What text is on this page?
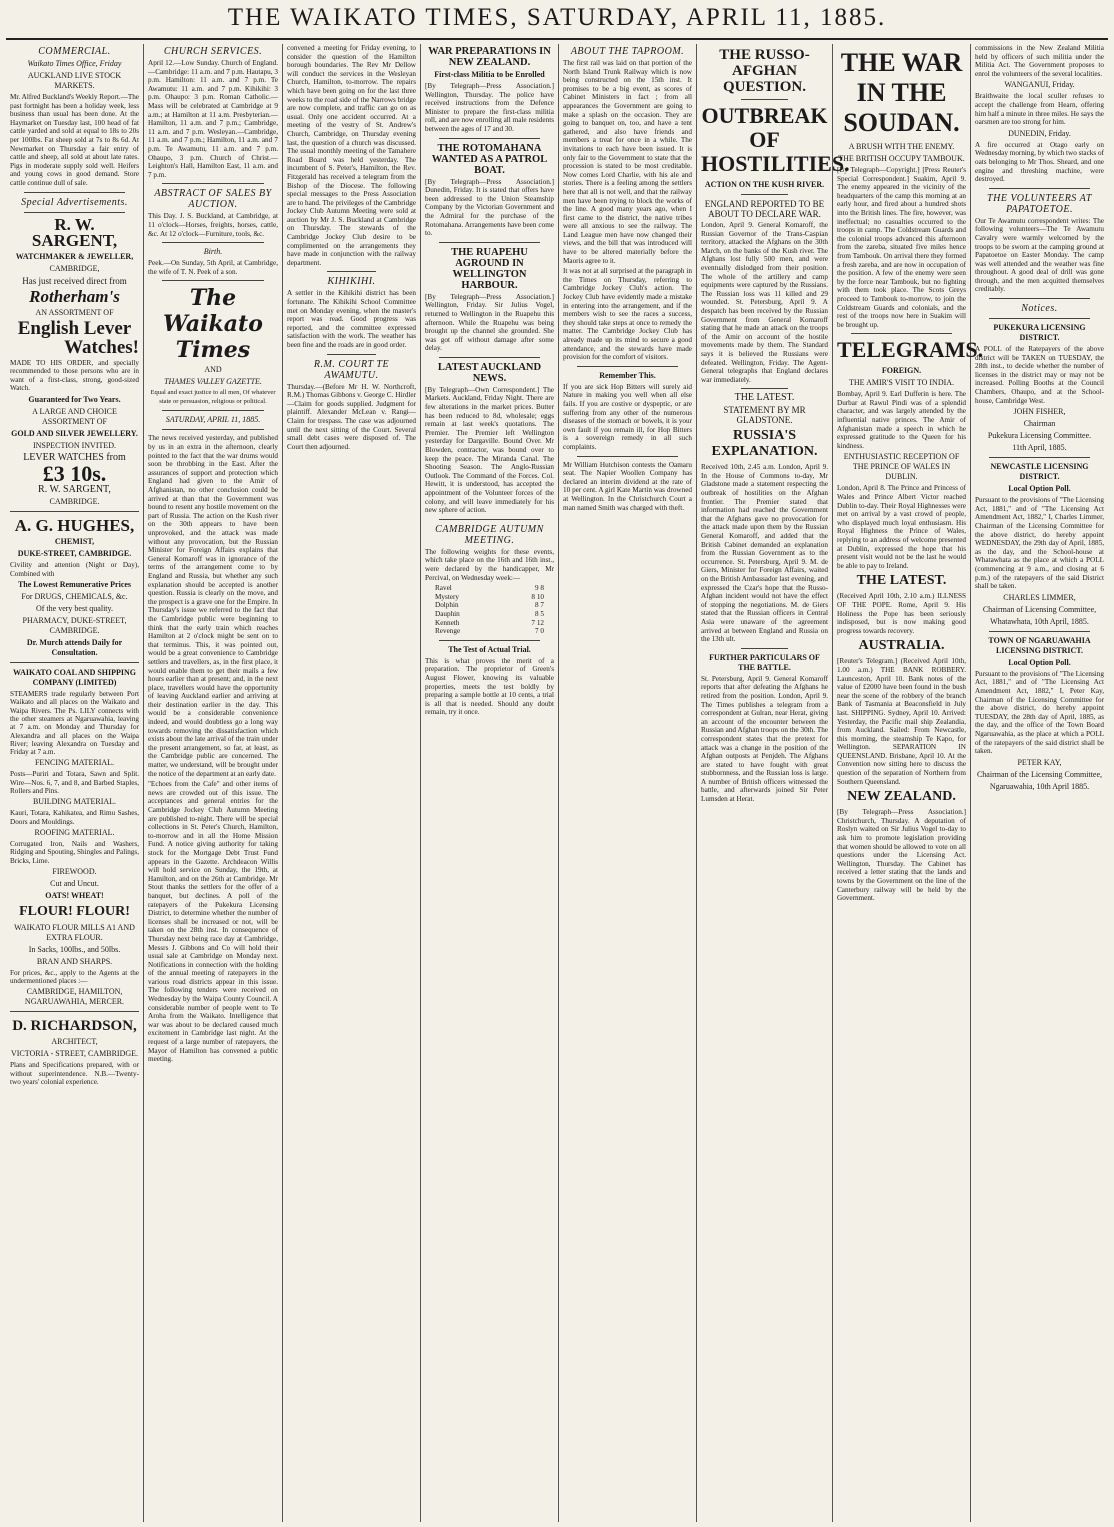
THE WAIKATO TIMES, SATURDAY, APRIL 11, 1885.
COMMERCIAL.
Waikato Times Office, Friday
AUCKLAND LIVE STOCK MARKETS.
Mr. Alfred Buckland's Weekly Report.—The past fortnight has been a holiday week, less business than usual has been done. At the Haymarket on Tuesday last, 100 head of fat cattle yarded and sold at equal to 18s to 20s per 100lbs. Fat sheep sold at 7s to 8s 6d. At Newmarket on Thursday a fair entry of cattle and sheep, all sold at about late rates. Pigs in moderate supply sold well. Heifers and young cows in good demand. Store cattle continue dull of sale.
Special Advertisements.
R. W. SARGENT,
WATCHMAKER & JEWELLER,
CAMBRIDGE,
Has just received direct from
Rotherham's
AN ASSORTMENT OF
English Lever
Watches!
MADE TO HIS ORDER, and specially recommended to those persons who are in want of a first-class, strong, good-sized Watch.
Guaranteed for Two Years.
A LARGE AND CHOICE ASSORTMENT OF
GOLD AND SILVER JEWELLERY.
INSPECTION INVITED.
LEVER WATCHES from
£3 10s.
R. W. SARGENT,
CAMBRIDGE.
A. G. HUGHES,
CHEMIST,
DUKE-STREET, CAMBRIDGE.
Civility and attention (Night or Day), Combined with
The Lowest Remunerative Prices
For DRUGS, CHEMICALS, &c.
Of the very best quality.
PHARMACY, DUKE-STREET, CAMBRIDGE.
Dr. Murch attends Daily for Consultation.
WAIKATO COAL AND SHIPPING COMPANY (LIMITED)
STEAMERS trade regularly between Port Waikato and all places on the Waikato and Waipa Rivers. The Ps. LILY connects with the other steamers at Ngaruawahia, leaving at 7 a.m. on Monday and Thursday for Alexandra and all places on the Waipa River; leaving Alexandra on Tuesday and Friday at 7 a.m.
FENCING MATERIAL.
Posts—Puriri and Totara, Sawn and Split. Wire—Nos. 6, 7, and 8, and Barbed Staples, Rollers and Pins.
BUILDING MATERIAL.
Kauri, Totara, Kahikatea, and Rimu Sashes, Doors and Mouldings.
ROOFING MATERIAL.
Corrugated Iron, Nails and Washers, Ridging and Spouting, Shingles and Palings, Bricks, Lime.
FIREWOOD.
Cut and Uncut.
OATS! WHEAT!
FLOUR! FLOUR!
WAIKATO FLOUR MILLS A1 AND EXTRA FLOUR.
In Sacks, 100lbs., and 50lbs.
BRAN AND SHARPS.
For prices, &c., apply to the Agents at the undermentioned places :—
CAMBRIDGE, HAMILTON, NGARUAWAHIA, MERCER.
D. RICHARDSON,
ARCHITECT,
VICTORIA - STREET, CAMBRIDGE.
Plans and Specifications prepared, with or without superintendence. N.B.—Twenty-two years' colonial experience.
CHURCH SERVICES.
April 12.—Low Sunday. Church of England.—Cambridge: 11 a.m. and 7 p.m. Hautapu, 3 p.m. Hamilton: 11 a.m. and 7 p.m. Te Awamutu: 11 a.m. and 7 p.m. Kihikihi: 3 p.m. Ohaupo: 3 p.m. Roman Catholic.—Mass will be celebrated at Cambridge at 9 a.m.; at Hamilton at 11 a.m. Presbyterian.—Hamilton, 11 a.m. and 7 p.m.; Cambridge, 11 a.m. and 7 p.m. Wesleyan.—Cambridge, 11 a.m. and 7 p.m.; Hamilton, 11 a.m. and 7 p.m. Te Awamutu, 11 a.m. and 7 p.m. Ohaupo, 3 p.m. Church of Christ.—Leighton's Hall, Hamilton East, 11 a.m. and 7 p.m.
ABSTRACT OF SALES BY AUCTION.
This Day. J. S. Buckland, at Cambridge, at 11 o'clock—Horses, freights, horses, cattle, &c. At 12 o'clock—Furniture, tools, &c.
Birth.
Peek.—On Sunday, 5th April, at Cambridge, the wife of T. N. Peek of a son.
The Waikato Times
AND
THAMES VALLEY GAZETTE.
Equal and exact justice to all men, Of whatever state or persuasion, religious or political.
SATURDAY, APRIL 11, 1885.
The news received yesterday, and published by us in an extra in the afternoon, clearly pointed to the fact that the war drums would soon be throbbing in the East. After the assurances of support and protection which England had given to the Amir of Afghanistan, no other conclusion could be arrived at than that the Government was bound to resent any hostile movement on the part of Russia. The action on the Kush river on the 30th appears to have been unprovoked, and the attack was made without any provocation, but the Russian Minister for Foreign Affairs explains that General Komaroff was in ignorance of the terms of the arrangement come to by England and Russia, but whether any such explanation should be accepted is another question. Russia is clearly on the move, and the prospect is a grave one for the Empire. In Thursday's issue we referred to the fact that the Cambridge public were beginning to think that the early train which reaches Hamilton at 2 o'clock might be sent on to that terminus. This, it was pointed out, would be a great convenience to Cambridge settlers and travellers, as, in the first place, it would enable them to get their mails a few hours earlier than at present; and, in the next place, travellers would have the opportunity of leaving Auckland earlier and arriving at their destination earlier in the day. This would be a considerable convenience indeed, and would doubtless go a long way towards removing the dissatisfaction which exists about the late arrival of the train under the present arrangement, so far, at least, as the Cambridge public are concerned. The matter, we understand, will be brought under the notice of the department at an early date.
"Echoes from the Cafe" and other items of news are crowded out of this issue. The acceptances and general entries for the Cambridge Jockey Club Autumn Meeting are published to-night. There will be special collections in St. Peter's Church, Hamilton, to-morrow and in all the Home Mission Fund. A notice giving authority for taking stock for the Mortgage Debt Trust Fund appears in the Gazette. Archdeacon Willis will hold service on Sunday, the 19th, at Hamilton, and on the 26th at Cambridge. Mr Stout thanks the settlers for the offer of a banquet, but declines. A poll of the ratepayers of the Pukekura Licensing District, to determine whether the number of licenses shall be increased or not, will be taken on the 28th inst. In consequence of Thursday next being race day at Cambridge, Messrs J. Gibbons and Co will hold their usual sale at Cambridge on Monday next. Notifications in connection with the holding of the annual meeting of ratepayers in the various road districts appear in this issue. The following tenders were received on Wednesday by the Waipa County Council. A considerable number of people went to Te Aroha from the Waikato. Intelligence that war was about to be declared caused much excitement in Cambridge last night. At the request of a large number of ratepayers, the Mayor of Hamilton has convened a public meeting.
convened a meeting for Friday evening, to consider the question of the Hamilton borough boundaries. The Rev Mr Dellow will conduct the services in the Wesleyan Church, Hamilton, to-morrow. The repairs which have been going on for the last three weeks to the road side of the Narrows bridge are now complete, and traffic can go on as usual. Only one accident occurred. At a meeting of the vestry of St. Andrew's Church, Cambridge, on Thursday evening last, the question of a church was discussed. The usual monthly meeting of the Tamahere Road Board was held yesterday. The incumbent of S. Peter's, Hamilton, the Rev. Fitzgerald has received a telegram from the Bishop of the Diocese. The following special messages to the Press Association are to hand. The privileges of the Cambridge Jockey Club Autumn Meeting were sold at auction by Mr J. S. Buckland at Cambridge on Thursday. The stewards of the Cambridge Jockey Club desire to be complimented on the arrangements they have made in conjunction with the railway department.
KIHIKIHI.
A settler in the Kihikihi district has been fortunate. The Kihikihi School Committee met on Monday evening, when the master's report was read. Good progress was reported, and the committee expressed satisfaction with the work. The weather has been fine and the roads are in good order.
R.M. COURT TE AWAMUTU.
Thursday.—(Before Mr H. W. Northcroft, R.M.) Thomas Gibbons v. George C. Hirdler—Claim for goods supplied. Judgment for plaintiff. Alexander McLean v. Rangi—Claim for trespass. The case was adjourned until the next sitting of the Court. Several small debt cases were disposed of. The Court then adjourned.
WAR PREPARATIONS IN NEW ZEALAND.
First-class Militia to be Enrolled
[By Telegraph—Press Association.] Wellington, Thursday. The police have received instructions from the Defence Minister to prepare the first-class militia roll, and are now enrolling all male residents between the ages of 17 and 30.
THE ROTOMAHANA WANTED AS A PATROL BOAT.
[By Telegraph—Press Association.] Dunedin, Friday. It is stated that offers have been addressed to the Union Steamship Company by the Victorian Government and the Admiral for the purchase of the Rotomahana. Arrangements have been come to.
THE RUAPEHU AGROUND IN WELLINGTON HARBOUR.
[By Telegraph—Press Association.] Wellington, Friday. Sir Julius Vogel, returned to Wellington in the Ruapehu this afternoon. While the Ruapehu was being brought up the channel she grounded. She was got off without damage after some delay.
LATEST AUCKLAND NEWS.
[By Telegraph—Own Correspondent.] The Markets. Auckland, Friday Night. There are few alterations in the market prices. Butter has been reduced to 8d, wholesale; eggs remain at last week's quotations. The Premier. The Premier left Wellington yesterday for Dargaville. Bound Over. Mr Blowden, contractor, was bound over to keep the peace. The Miranda Canal. The Shooting Season. The Anglo-Russian Outlook. The Command of the Forces. Col. Hewitt, it is understood, has accepted the appointment of the Volunteer forces of the colony, and will leave immediately for his new sphere of action.
CAMBRIDGE AUTUMN MEETING.
The following weights for these events, which take place on the 16th and 16th inst., were declared by the handicapper, Mr Percival, on Wednesday week:—
Ravel	9 8
Mystery	8 10
Dolphin	8 7
Dauphin	8 5
Kenneth	7 12
Revenge	7 0
The Test of Actual Trial.
This is what proves the merit of a preparation. The proprietor of Green's August Flower, knowing its valuable properties, meets the test boldly by preparing a sample bottle at 10 cents, a trial is all that is needed. Should any doubt remain, try it once.
ABOUT THE TAPROOM.
The first rail was laid on that portion of the North Island Trunk Railway which is now being constructed on the 15th inst. It promises to be a big event, as scores of Cabinet Ministers in fact ; from all appearances the Government are going to make a splash on the occasion. They are going to banquet on, too, and have a tent gathered, and also have friends and members a treat for once in a while. The invitations to each have been issued. It is only fair to the Government to state that the procession is stated to be most creditable. Now comes Lord Charlie, with his ale and stories. There is a feeling among the settlers here that all is not well, and that the railway men have been trying to block the works of the line. A good many years ago, when I first came to the district, the native tribes were all anxious to see the railway. The Land League men have now changed their views, and the bill that was introduced will have to be altered materially before the Maoris agree to it.
It was not at all surprised at the paragraph in the Times on Thursday, referring to Cambridge Jockey Club's action. The Jockey Club have evidently made a mistake in entering into the arrangement, and if the members wish to see the races a success, they should take steps at once to remedy the matter. The Cambridge Jockey Club has already made up its mind to secure a good attendance, and the stewards have made provision for the comfort of visitors.
Remember This.
If you are sick Hop Bitters will surely aid Nature in making you well when all else fails. If you are costive or dyspeptic, or are suffering from any other of the numerous diseases of the stomach or bowels, it is your own fault if you remain ill, for Hop Bitters is a sovereign remedy in all such complaints.
Mr William Hutchison contests the Oamaru seat. The Napier Woollen Company has declared an interim dividend at the rate of 10 per cent. A girl Kate Martin was drowned at Wellington. In the Christchurch Court a man named Smith was charged with theft.
THE RUSSO-AFGHAN QUESTION.
OUTBREAK OF HOSTILITIES.
ACTION ON THE KUSH RIVER.
ENGLAND REPORTED TO BE ABOUT TO DECLARE WAR.
London, April 9. General Komaroff, the Russian Governor of the Trans-Caspian territory, attacked the Afghans on the 30th March, on the banks of the Kush river. The Afghans lost fully 500 men, and were eventually dislodged from their position. The whole of the artillery and camp equipments were captured by the Russians. The Russian loss was 11 killed and 29 wounded. St. Petersburg, April 9. A despatch has been received by the Russian Government from General Komaroff stating that he made an attack on the troops of the Amir on account of the hostile movements made by them. The Standard says it is believed the Russians were defeated. Wellington, Friday. The Agent-General telegraphs that England declares war immediately.
THE LATEST.
STATEMENT BY MR GLADSTONE.
RUSSIA'S EXPLANATION.
Received 10th, 2.45 a.m. London, April 9. In the House of Commons to-day, Mr Gladstone made a statement respecting the outbreak of hostilities on the Afghan frontier. The Premier stated that information had reached the Government that the Afghans gave no provocation for the attack made upon them by the Russian General Komaroff, and added that the British Cabinet demanded an explanation from the Russian Government as to the occurrence. St. Petersburg, April 9. M. de Giers, Minister for Foreign Affairs, waited on the British Ambassador last evening, and expressed the Czar's hope that the Russo-Afghan incident would not have the effect of stopping the negotiations. M. de Giers stated that the Russian officers in Central Asia were unaware of the agreement arrived at between England and Russia on the 13th ult.
FURTHER PARTICULARS OF THE BATTLE.
St. Petersburg, April 9. General Komaroff reports that after defeating the Afghans he retired from the position. London, April 9. The Times publishes a telegram from a correspondent at Gulran, near Herat, giving an account of the encounter between the Russian and Afghan troops on the 30th. The correspondent states that the pretext for attack was a change in the position of the Afghan outposts at Penjdeh. The Afghans are stated to have fought with great stubbornness, and the Russian loss is large. A number of British officers witnessed the battle, and afterwards joined Sir Peter Lumsden at Herat.
THE WAR IN THE SOUDAN.
A BRUSH WITH THE ENEMY.
THE BRITISH OCCUPY TAMBOUK.
[By Telegraph—Copyright.] [Press Reuter's Special Correspondent.] Suakim, April 9. The enemy appeared in the vicinity of the headquarters of the camp this morning at an early hour, and fired about a hundred shots into the British lines. The fire, however, was ineffectual; no casualties occurred to the troops in camp. The Coldstream Guards and the colonial troops advanced this afternoon from the zareba, situated five miles hence from Tambouk. On arrival there they formed a fresh zareba, and are now in occupation of the position. A few of the enemy were seen by the force near Tambouk, but no fighting with them took place. The Scots Greys proceed to Tambouk to-morrow, to join the Coldstream Guards and colonials, and the rest of the troops now here in Suakim will be brought up.
TELEGRAMS.
FOREIGN.
THE AMIR'S VISIT TO INDIA.
Bombay, April 9. Earl Dufferin is here. The Durbar at Rawul Pindi was of a splendid character, and was largely attended by the influential native princes. The Amir of Afghanistan made a speech in which he expressed gratitude to the Queen for his kindness.
ENTHUSIASTIC RECEPTION OF THE PRINCE OF WALES IN DUBLIN.
London, April 8. The Prince and Princess of Wales and Prince Albert Victor reached Dublin to-day. Their Royal Highnesses were met on arrival by a vast crowd of people, who displayed much loyal enthusiasm. His Royal Highness the Prince of Wales, replying to an address of welcome presented at Dublin, expressed the hope that his present visit would not be the last he would be able to pay to Ireland.
THE LATEST.
(Received April 10th, 2.10 a.m.) ILLNESS OF THE POPE. Rome, April 9. His Holiness the Pope has been seriously indisposed, but is now making good progress towards recovery.
AUSTRALIA.
[Reuter's Telegram.] (Received April 10th, 1.00 a.m.) THE BANK ROBBERY. Launceston, April 10. Bank notes of the value of £2000 have been found in the bush near the scene of the robbery of the branch Bank of Tasmania at Beaconsfield in July last. SHIPPING. Sydney, April 10. Arrived: Yesterday, the Pacific mail ship Zealandia, from Auckland. Sailed: From Newcastle, this morning, the steamship Te Kapo, for Wellington. SEPARATION IN QUEENSLAND. Brisbane, April 10. At the Convention now sitting here to discuss the question of the separation of Northern from Southern Queensland.
NEW ZEALAND.
[By Telegraph—Press Association.] Christchurch, Thursday. A deputation of Roslyn waited on Sir Julius Vogel to-day to ask him to promote legislation providing that women should be allowed to vote on all questions under the Licensing Act. Wellington, Thursday. The Cabinet has received a letter stating that the lands and towns by the Government on the line of the Canterbury railway will be held by the Government.
commissions in the New Zealand Militia held by officers of such militia under the Militia Act. The Government proposes to enrol the volunteers of the several localities.
WANGANUI, Friday.
Braithwaite the local sculler refuses to accept the challenge from Hearn, offering him half a minute in three miles. He says the oarsmen are too strong for him.
DUNEDIN, Friday.
A fire occurred at Otago early on Wednesday morning, by which two stacks of oats belonging to Mr Thos. Sheard, and one engine and threshing machine, were destroyed.
THE VOLUNTEERS AT PAPATOETOE.
Our Te Awamutu correspondent writes: The following volunteers—The Te Awamutu Cavalry were warmly welcomed by the troops to be sworn at the camping ground at Papatoetoe on Easter Monday. The camp was well attended and the weather was fine throughout. A good deal of drill was gone through, and the men acquitted themselves creditably.
Notices.
PUKEKURA LICENSING DISTRICT.
A POLL of the Ratepayers of the above district will be TAKEN on TUESDAY, the 28th inst., to decide whether the number of licenses in the district may or may not be increased. Polling Booths at the Council Chambers, Ohaupo, and at the School-house, Cambridge West.
JOHN FISHER,
Chairman
Pukekura Licensing Committee.
11th April, 1885.
NEWCASTLE LICENSING DISTRICT.
Local Option Poll.
Pursuant to the provisions of "The Licensing Act, 1881," and of "The Licensing Act Amendment Act, 1882," I, Charles Limmer, Chairman of the Licensing Committee for the above district, do hereby appoint WEDNESDAY, the 29th day of April, 1885, as the day, and the School-house at Whatawhata as the place at which a POLL (commencing at 9 a.m., and closing at 6 p.m.) of the ratepayers of the said District shall be taken.
CHARLES LIMMER,
Chairman of Licensing Committee,
Whatawhata, 10th April, 1885.
TOWN OF NGARUAWAHIA LICENSING DISTRICT.
Local Option Poll.
Pursuant to the provisions of "The Licensing Act, 1881," and of "The Licensing Act Amendment Act, 1882," I, Peter Kay, Chairman of the Licensing Committee for the above district, do hereby appoint TUESDAY, the 28th day of April, 1885, as the day, and the office of the Town Board Ngaruawahia, as the place at which a POLL of the ratepayers of the said district shall be taken.
PETER KAY,
Chairman of the Licensing Committee,
Ngaruawahia, 10th April 1885.
